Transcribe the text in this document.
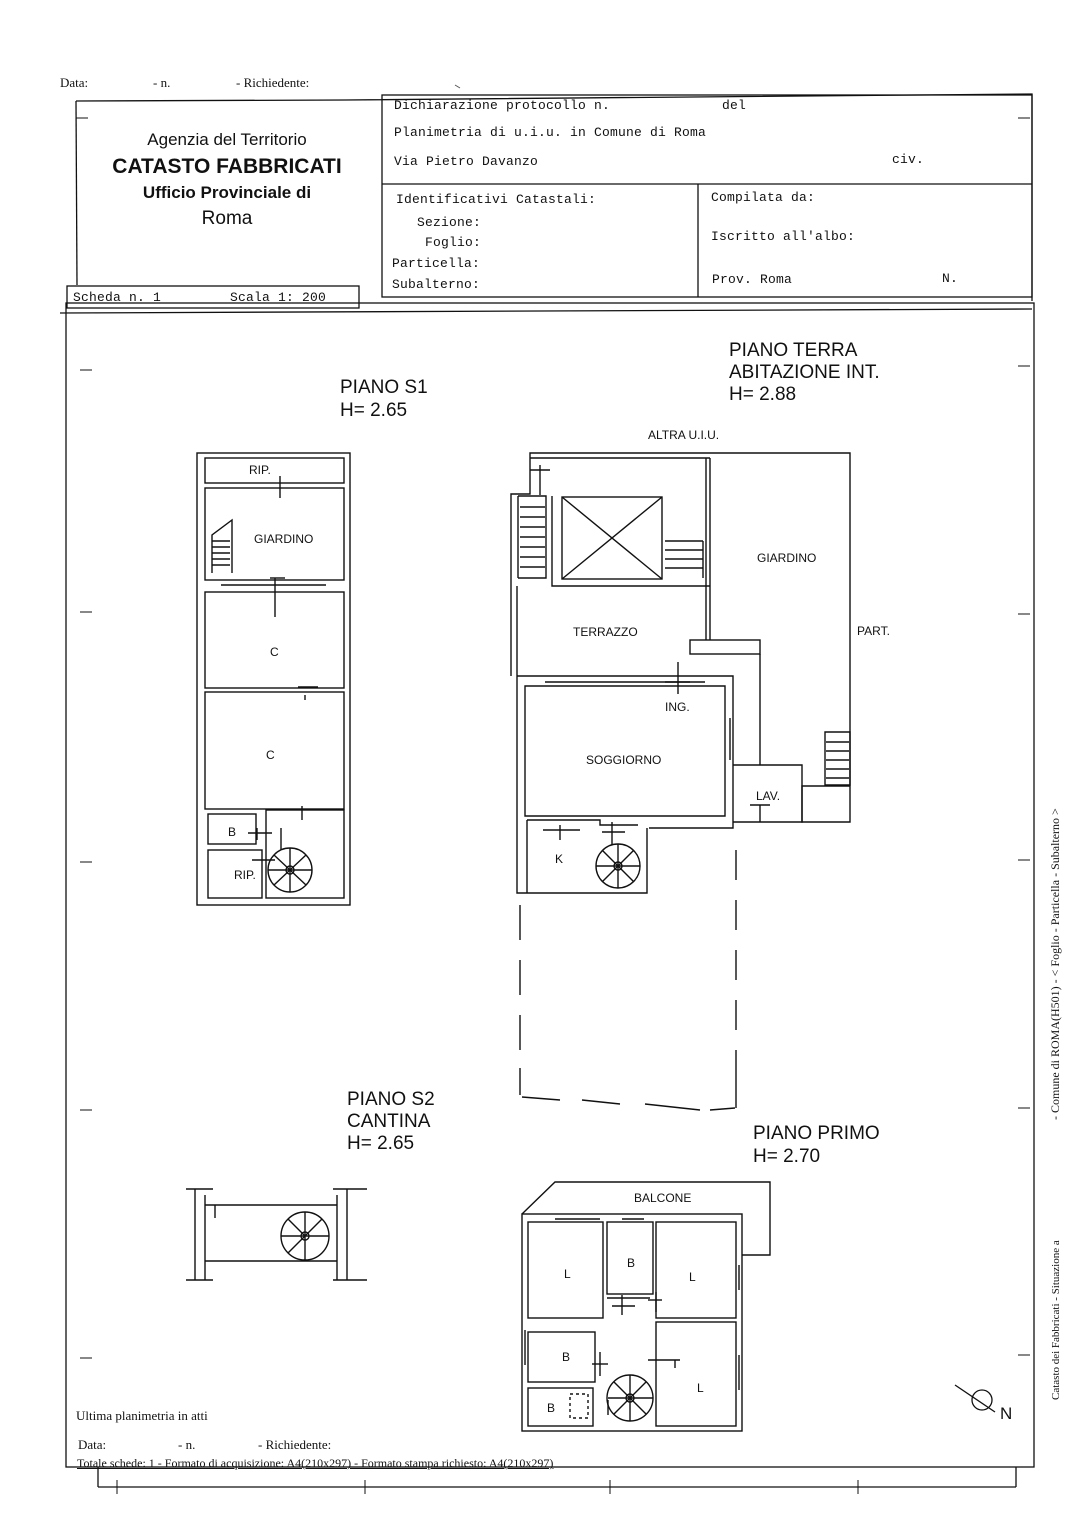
Data:	- n.	- Richiedente:
Agenzia del Territorio
CATASTO FABBRICATI
Ufficio Provinciale di
Roma
Dichiarazione protocollo n.	del
Planimetria di u.i.u. in Comune di Roma
Via Pietro Davanzo	civ.
Identificativi Catastali:
Sezione:
Foglio:
Particella:
Subalterno:
Compilata da:
Iscritto all'albo:
Prov. Roma	N.
Scheda n. 1	Scala 1: 200
PIANO S1
H= 2.65
PIANO TERRA
ABITAZIONE INT.
H= 2.88
PIANO S2
CANTINA
H= 2.65	PIANO PRIMO
H= 2.70
RIP.
GIARDINO
C
C
B
RIP.
ALTRA U.I.U.
GIARDINO
TERRAZZO	PART.
ING.
SOGGIORNO
LAV.
K
BALCONE
L
B
L
B
L
B	N
- Comune di ROMA(H501) - < Foglio - Particella - Subalterno >
Catasto dei Fabbricati - Situazione a
Ultima planimetria in atti
Data:	- n.	- Richiedente:
Totale schede: 1 - Formato di acquisizione: A4(210x297) - Formato stampa richiesto: A4(210x297)
